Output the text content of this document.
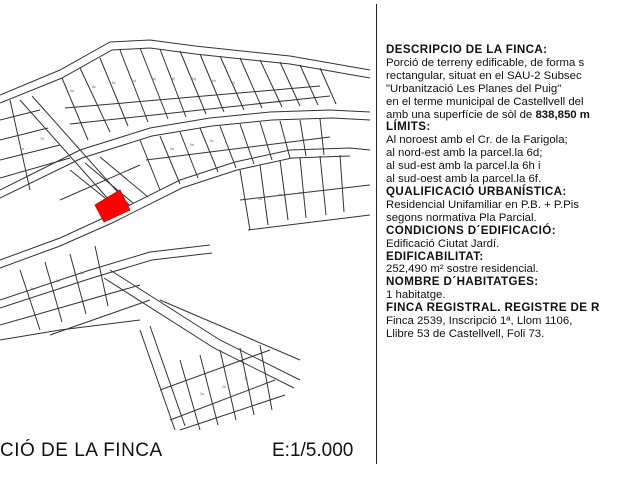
6a
6b
6c	6d	6e	6f	6g	6h	6i
5a
5b
5c
4a
4b	4c
3a
3b
3c
2a
2b
2c
7a
7b
CIÓ DE LA FINCA	E:1/5.000
DESCRIPCIÓ DE LA FINCA:
Porció de terreny edificable, de forma s
rectangular, situat en el SAU-2 Subsec
"Urbanització Les Planes del Puig"
en el terme municipal de Castellvell del
amb una superfície de sòl de 838,850 m
LÍMITS:
Al noroest amb el Cr. de la Farigola;
al nord-est amb la parcel.la 6d;
al sud-est amb la parcel.la 6h i
al sud-oest amb la parcel.la 6f.
QUALIFICACIÓ URBANÍSTICA:
Residencial Unifamiliar en P.B. + P.Pis
segons normativa Pla Parcial.
CONDICIONS D´EDIFICACIÓ:
Edificació Ciutat Jardí.
EDIFICABILITAT:
252,490 m² sostre residencial.
NOMBRE D´HABITATGES:
1 habitatge.
FINCA REGISTRAL. REGISTRE DE R
Finca 2539, Inscripció 1ª, Llom 1106,
Llibre 53 de Castellvell, Foli 73.
